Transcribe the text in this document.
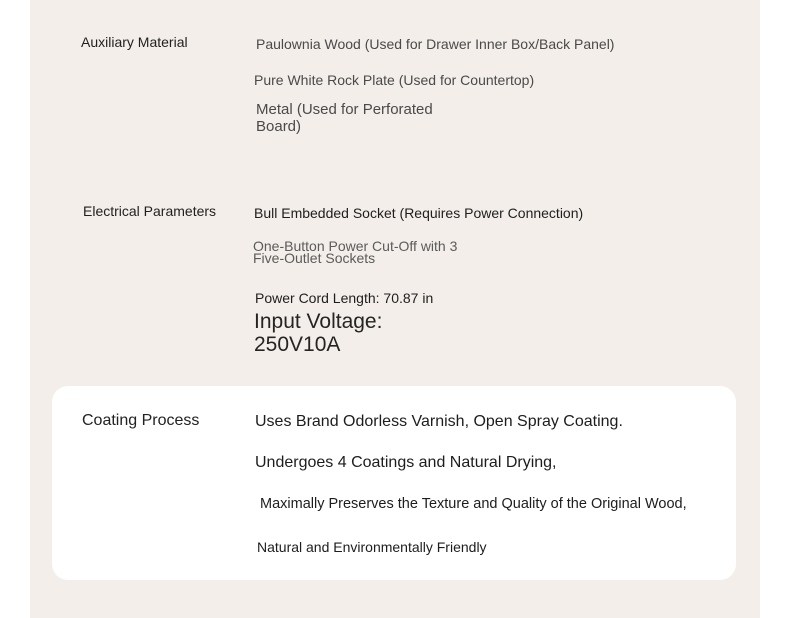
Auxiliary Material	Paulownia Wood (Used for Drawer Inner Box/Back Panel)
Pure White Rock Plate (Used for Countertop)
Metal (Used for Perforated Board)
Electrical Parameters	Bull Embedded Socket (Requires Power Connection)
One-Button Power Cut-Off with 3 Five-Outlet Sockets
Power Cord Length: 70.87 in
Input Voltage: 250V10A
Coating Process	Uses Brand Odorless Varnish, Open Spray Coating.
Undergoes 4 Coatings and Natural Drying,
Maximally Preserves the Texture and Quality of the Original Wood,
Natural and Environmentally Friendly
